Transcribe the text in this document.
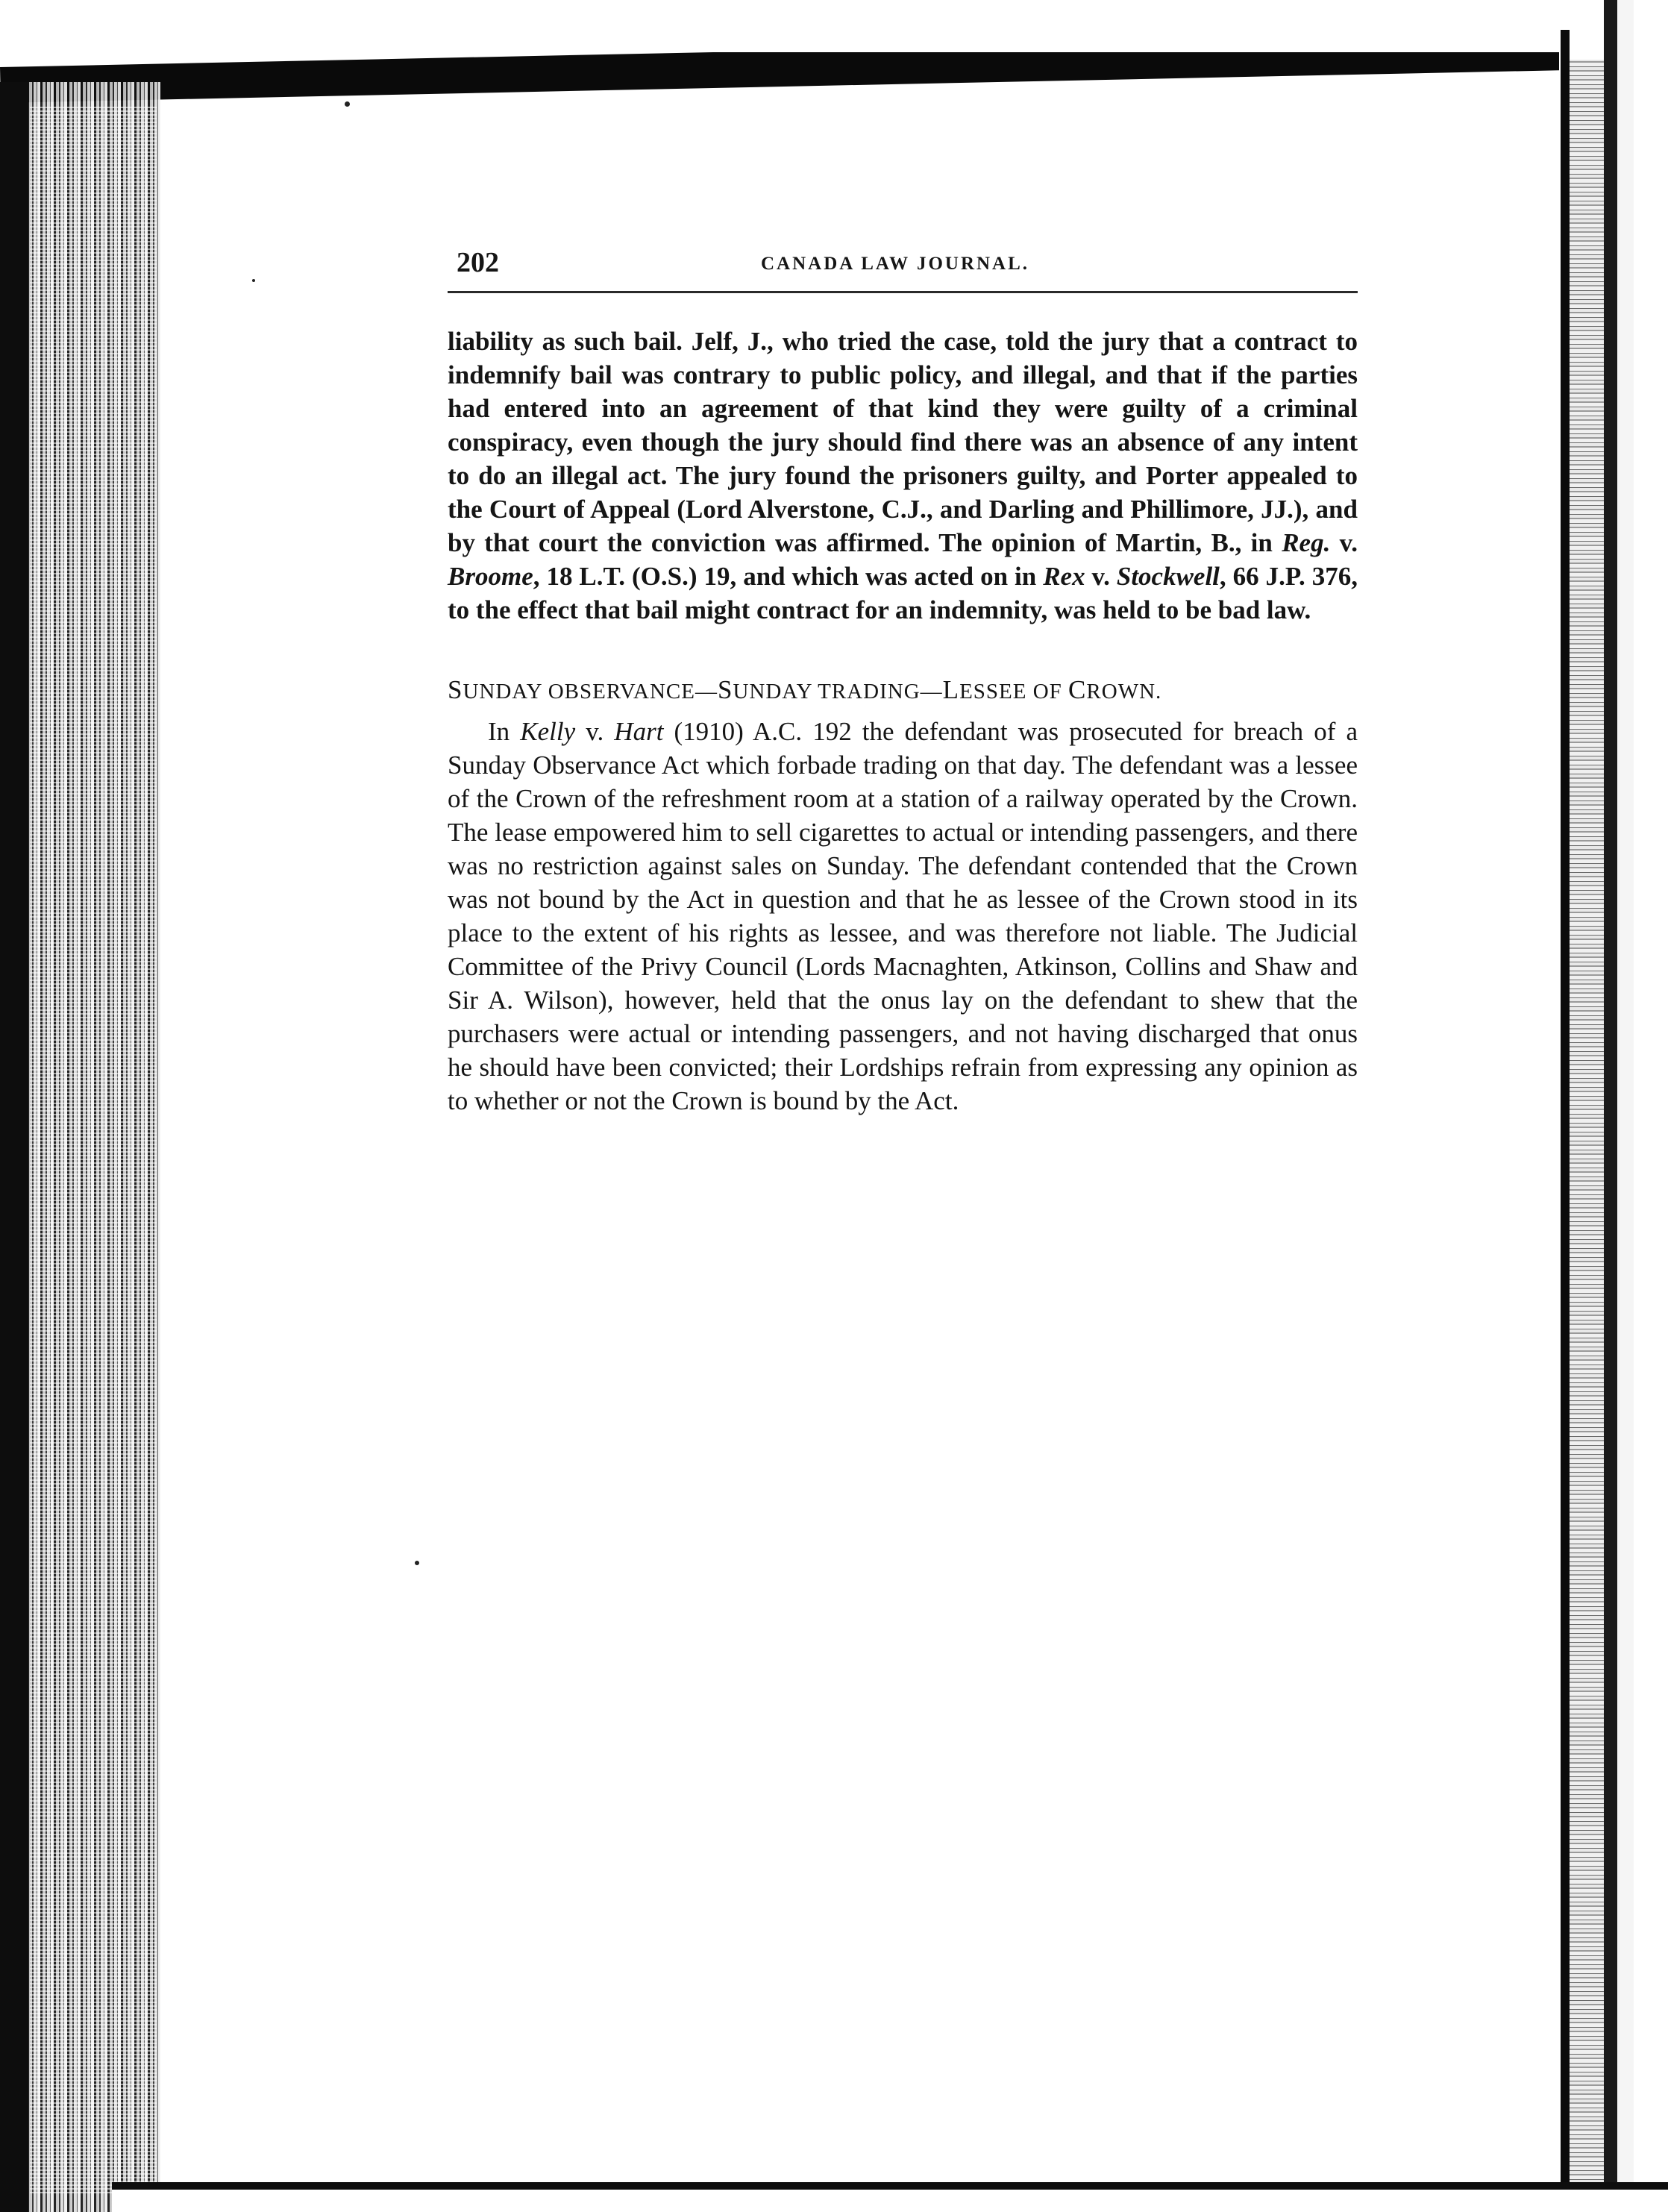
202	CANADA LAW JOURNAL.

liability as such bail. Jelf, J., who tried the case, told the jury that a contract to indemnify bail was contrary to public policy, and illegal, and that if the parties had entered into an agreement of that kind they were guilty of a criminal conspiracy, even though the jury should find there was an absence of any intent to do an illegal act. The jury found the prisoners guilty, and Porter appealed to the Court of Appeal (Lord Alverstone, C.J., and Darling and Phillimore, JJ.), and by that court the conviction was affirmed. The opinion of Martin, B., in Reg. v. Broome, 18 L.T. (O.S.) 19, and which was acted on in Rex v. Stockwell, 66 J.P. 376, to the effect that bail might contract for an indemnity, was held to be bad law.

SUNDAY OBSERVANCE—SUNDAY TRADING—LESSEE OF CROWN.

In Kelly v. Hart (1910) A.C. 192 the defendant was prosecuted for breach of a Sunday Observance Act which forbade trading on that day. The defendant was a lessee of the Crown of the refreshment room at a station of a railway operated by the Crown. The lease empowered him to sell cigarettes to actual or intending passengers, and there was no restriction against sales on Sunday. The defendant contended that the Crown was not bound by the Act in question and that he as lessee of the Crown stood in its place to the extent of his rights as lessee, and was therefore not liable. The Judicial Committee of the Privy Council (Lords Macnaghten, Atkinson, Collins and Shaw and Sir A. Wilson), however, held that the onus lay on the defendant to shew that the purchasers were actual or intending passengers, and not having discharged that onus he should have been convicted; their Lordships refrain from expressing any opinion as to whether or not the Crown is bound by the Act.
